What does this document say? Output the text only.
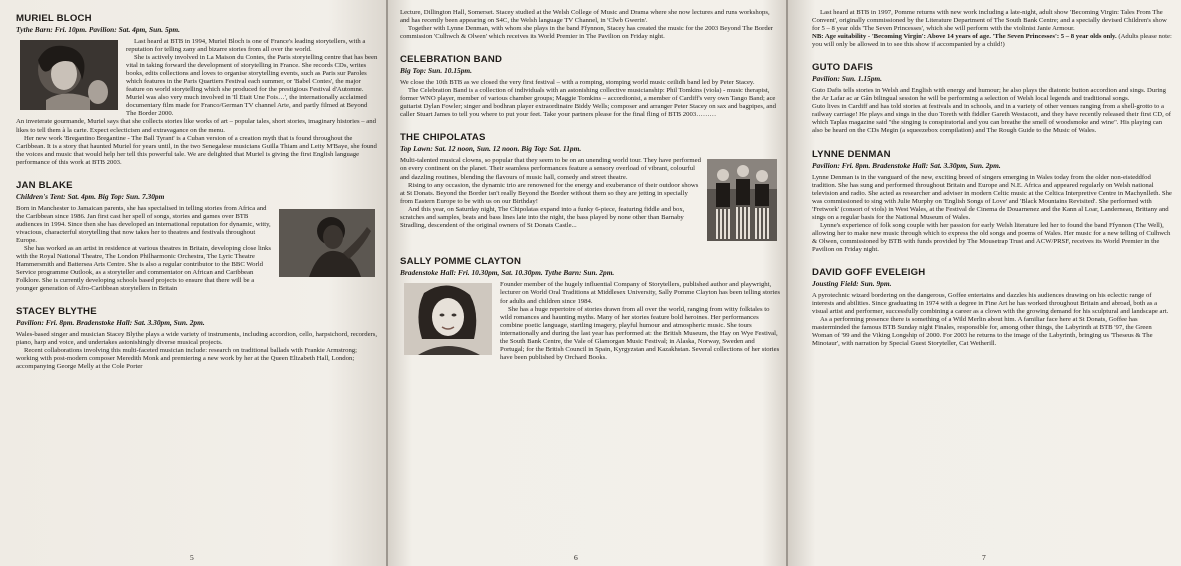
MURIEL BLOCH
Tythe Barn: Fri. 10pm. Pavilion: Sat. 4pm, Sun. 5pm.

Last heard at BTB in 1994, Muriel Bloch is one of France's leading storytellers, with a reputation for telling zany and bizarre stories from all over the world.

She is actively involved in La Maison du Contes, the Paris storytelling centre that has been vital in taking forward the development of storytelling in France. She records CDs, writes books, edits collections and loves to organise storytelling events, such as Paris sur Paroles which features in the Paris Quartiers Festival each summer, or 'Babel Contes', the major feature on world storytelling which she produced for the prestigious Festival d'Automne. Muriel was also very much involved in 'Il Etait Une Fois…', the internationally acclaimed documentary film made for Franco/German TV channel Arte, and partly filmed at Beyond The Border 2000.

An inveterate gourmande, Muriel says that she collects stories like works of art – popular tales, short stories, imaginary histories – and likes to tell them à la carte. Expect eclecticism and extravagance on the menu.

Her new work 'Bregantino Bregantine - The Ball Tyrant' is a Cuban version of a creation myth that is found throughout the Caribbean. It is a story that haunted Muriel for years until, in the two Senegalese musicians Guilla Thiam and Leity M'Baye, she found the voices and music that would help her tell this powerful tale. We are delighted that Muriel is giving the first English language performance of this work at BTB 2003.

JAN BLAKE
Children's Tent: Sat. 4pm. Big Top: Sun. 7.30pm

Born in Manchester to Jamaican parents, she has specialised in telling stories from Africa and the Caribbean since 1986. Jan first cast her spell of songs, stories and games over BTB audiences in 1994. Since then she has developed an international reputation for dynamic, witty, vivacious, characterful storytelling that now takes her to theatres and festivals throughout Europe.

She has worked as an artist in residence at various theatres in Britain, developing close links with the Royal National Theatre, The London Philharmonic Orchestra, The Lyric Theatre Hammersmith and Battersea Arts Centre. She is also a regular contributor to the BBC World Service programme Outlook, as a storyteller and commentator on African and Caribbean Folklore. She is currently developing schools based projects to ensure that there will be a younger generation of Afro-Caribbean storytellers in Britain

STACEY BLYTHE
Pavilion: Fri. 8pm. Bradenstoke Hall: Sat. 3.30pm, Sun. 2pm.

Wales-based singer and musician Stacey Blythe plays a wide variety of instruments, including accordion, cello, harpsichord, recorders, piano, harp and voice, and undertakes astonishingly diverse musical projects.

Recent collaborations involving this multi-faceted musician include: research on traditional ballads with Frankie Armstrong; working with post-modern composer Meredith Monk and premiering a new work by her at the Queen Elizabeth Hall, London; accompanying George Melly at the Cole Porter

5

Lecture, Dillington Hall, Somerset. Stacey studied at the Welsh College of Music and Drama where she now lectures and runs workshops, and has recently been appearing on S4C, the Welsh language TV Channel, in 'Clwb Gwerin'.

Together with Lynne Denman, with whom she plays in the band Ffynnon, Stacey has created the music for the 2003 Beyond The Border commission 'Culhwch & Olwen' which receives its World Premier in The Pavilion on Friday night.

CELEBRATION BAND
Big Top: Sun. 10.15pm.

We close the 10th BTB as we closed the very first festival – with a romping, stomping world music ceilidh band led by Peter Stacey.

The Celebration Band is a collection of individuals with an astonishing collective musicianship: Phil Tomkins (viola) - music therapist, former WNO player, member of various chamber groups; Maggie Tomkins – accordionist, a member of Cardiff's very own Tango Band; ace guitarist Dylan Fowler; singer and bodhran player extraordinaire Biddy Wells; composer and arranger Peter Stacey on sax and bagpipes, and caller Stuart James to tell you where to put your feet. Take your partners please for the final fling of BTB 2003………

THE CHIPOLATAS
Top Lawn: Sat. 12 noon, Sun. 12 noon. Big Top: Sat. 11pm.

Multi-talented musical clowns, so popular that they seem to be on an unending world tour. They have performed on every continent on the planet. Their seamless performances feature a sensory overload of vibrant, colourful and dazzling routines, blending the flavours of music hall, comedy and street theatre.

Rising to any occasion, the dynamic trio are renowned for the energy and exuberance of their outdoor shows at St Donats. Beyond the Border isn't really Beyond the Border without them so they are jetting in specially from Eastern Europe to be with us on our Birthday!

And this year, on Saturday night, The Chipolatas expand into a funky 6-piece, featuring fiddle and box, scratches and samples, beats and bass lines late into the night, the bass played by none other than Barnaby Stradling, descendent of the original owners of St Donats Castle...

SALLY POMME CLAYTON
Bradenstoke Hall: Fri. 10.30pm, Sat. 10.30pm. Tythe Barn: Sun. 2pm.

Founder member of the hugely influential Company of Storytellers, published author and playwright, lecturer on World Oral Traditions at Middlesex University, Sally Pomme Clayton has been telling stories for adults and children since 1984.

She has a huge repertoire of stories drawn from all over the world, ranging from witty folktales to wild romances and haunting myths. Many of her stories feature bold heroines. Her performances combine poetic language, startling imagery, playful humour and atmospheric music. She tours internationally and during the last year has performed at: the British Museum, the Hay on Wye Festival, the South Bank Centre, the Vale of Glamorgan Music Festival; in Alaska, Norway, Sweden and Portugal; for the British Council in Spain, Kyrgyzstan and Kazakhstan. Several collections of her stories have been published by Orchard Books.

6

Last heard at BTB in 1997, Pomme returns with new work including a late-night, adult show 'Becoming Virgin: Tales From The Convent', originally commissioned by the Literature Department of The South Bank Centre; and a specially devised Children's show for 5 – 8 year olds 'The Seven Princesses', which she will perform with the violinist Janie Armour.

NB: Age suitability - 'Becoming Virgin': Above 14 years of age. 'The Seven Princesses': 5 – 8 year olds only. (Adults please note: you will only be allowed in to see this show if accompanied by a child!)

GUTO DAFIS
Pavilion: Sun. 1.15pm.

Guto Dafis tells stories in Welsh and English with energy and humour; he also plays the diatonic button accordion and sings. During the Ar Lafar ac ar Gân bilingual session he will be performing a selection of Welsh local legends and traditional songs.

Guto lives in Cardiff and has told stories at festivals and in schools, and in a variety of other venues ranging from a shell-grotto to a railway carriage! He plays and sings in the duo Toreth with fiddler Gareth Westacott, and they have recently released their first CD, of which Taplas magazine said "the singing is conspiratorial and you can breathe the smell of woodsmoke and wine". His playing can also be heard on the CDs Megin (a squeezebox compilation) and The Rough Guide to the Music of Wales.

LYNNE DENMAN
Pavilion: Fri. 8pm. Bradenstoke Hall: Sat. 3.30pm, Sun. 2pm.

Lynne Denman is in the vanguard of the new, exciting breed of singers emerging in Wales today from the older non-eisteddfod tradition. She has sung and performed throughout Britain and Europe and N.E. Africa and appeared regularly on Welsh national television and radio. She acted as researcher and adviser in modern Celtic music at the Celtica Interpretive Centre in Machynlleth. She was commissioned to sing with Julie Murphy on 'English Songs of Love' and 'Black Mountains Revisited'. She performed with 'Fretwork' (consort of viols) in West Wales, at the Festival de Cinema de Douarnenez and the Kann al Loar, Landerneau, Brittany and sings on a regular basis for the National Museum of Wales.

Lynne's experience of folk song couple with her passion for early Welsh literature led her to found the band Ffynnon (The Well), allowing her to make new music through which to express the old songs and poems of Wales. Her music for a new telling of Culhwch & Olwen, commissioned by BTB with funds provided by The Mousetrap Trust and ACW/PRSF, receives its World Premier in the Pavilion on Friday night.

DAVID GOFF EVELEIGH
Jousting Field: Sun. 9pm.

A pyrotechnic wizard bordering on the dangerous, Goffee entertains and dazzles his audiences drawing on his eclectic range of interests and abilities. Since graduating in 1974 with a degree in Fine Art he has worked throughout Britain and abroad, both as a visual artist and performer, successfully combining a career as a clown with the growing demand for his sculptural and landscape art.

As a performing presence there is something of a Wild Merlin about him. A familiar face here at St Donats, Goffee has masterminded the famous BTB Sunday night Finales, responsible for, among other things, the Labyrinth at BTB '97, the Green Woman of '99 and the Viking Longship of 2000. For 2003 he returns to the image of the Labyrinth, bringing us 'Theseus & The Minotaur', with narration by Special Guest Storyteller, Cat Wetherill.

7
